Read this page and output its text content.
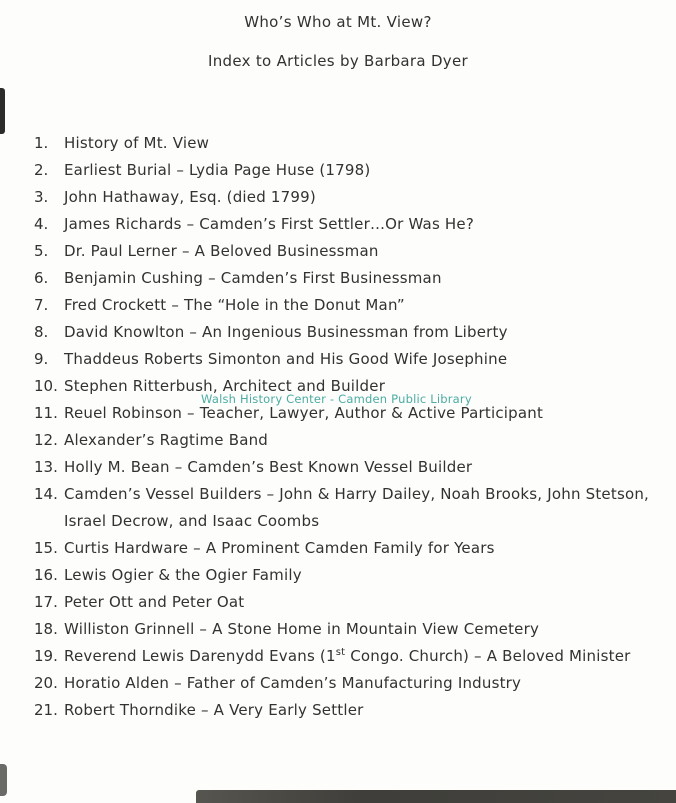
Who’s Who at Mt. View?
Index to Articles by Barbara Dyer
1.	History of Mt. View
2.	Earliest Burial – Lydia Page Huse (1798)
3.	John Hathaway, Esq. (died 1799)
4.	James Richards – Camden’s First Settler…Or Was He?
5.	Dr. Paul Lerner – A Beloved Businessman
6.	Benjamin Cushing – Camden’s First Businessman
7.	Fred Crockett – The “Hole in the Donut Man”
8.	David Knowlton – An Ingenious Businessman from Liberty
9.	Thaddeus Roberts Simonton and His Good Wife Josephine
10. Stephen Ritterbush, Architect and Builder
11. Reuel Robinson – Teacher, Lawyer, Author & Active Participant
12. Alexander’s Ragtime Band
13. Holly M. Bean – Camden’s Best Known Vessel Builder
14. Camden’s Vessel Builders – John & Harry Dailey, Noah Brooks, John Stetson,
Israel Decrow, and Isaac Coombs
15. Curtis Hardware – A Prominent Camden Family for Years
16. Lewis Ogier & the Ogier Family
17. Peter Ott and Peter Oat
18. Williston Grinnell – A Stone Home in Mountain View Cemetery
19. Reverend Lewis Darenydd Evans (1st Congo. Church) – A Beloved Minister
20. Horatio Alden – Father of Camden’s Manufacturing Industry
21. Robert Thorndike – A Very Early Settler
Walsh History Center - Camden Public Library
